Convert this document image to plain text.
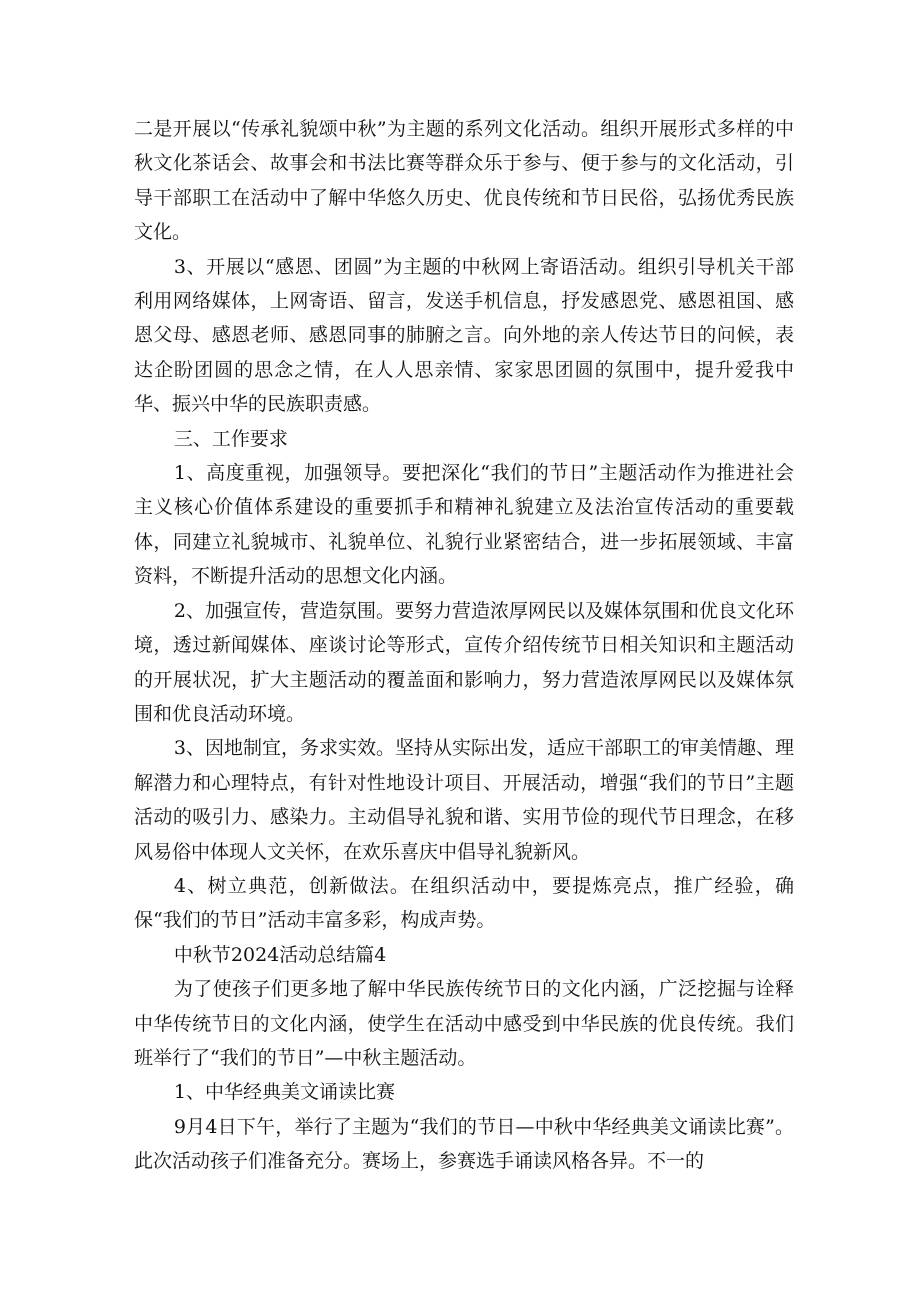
二是开展以“传承礼貌颂中秋”为主题的系列文化活动。组织开展形式多样的中秋文化茶话会、故事会和书法比赛等群众乐于参与、便于参与的文化活动，引导干部职工在活动中了解中华悠久历史、优良传统和节日民俗，弘扬优秀民族文化。

3、开展以“感恩、团圆”为主题的中秋网上寄语活动。组织引导机关干部利用网络媒体，上网寄语、留言，发送手机信息，抒发感恩党、感恩祖国、感恩父母、感恩老师、感恩同事的肺腑之言。向外地的亲人传达节日的问候，表达企盼团圆的思念之情，在人人思亲情、家家思团圆的氛围中，提升爱我中华、振兴中华的民族职责感。

三、工作要求

1、高度重视，加强领导。要把深化“我们的节日”主题活动作为推进社会主义核心价值体系建设的重要抓手和精神礼貌建立及法治宣传活动的重要载体，同建立礼貌城市、礼貌单位、礼貌行业紧密结合，进一步拓展领域、丰富资料，不断提升活动的思想文化内涵。

2、加强宣传，营造氛围。要努力营造浓厚网民以及媒体氛围和优良文化环境，透过新闻媒体、座谈讨论等形式，宣传介绍传统节日相关知识和主题活动的开展状况，扩大主题活动的覆盖面和影响力，努力营造浓厚网民以及媒体氛围和优良活动环境。

3、因地制宜，务求实效。坚持从实际出发，适应干部职工的审美情趣、理解潜力和心理特点，有针对性地设计项目、开展活动，增强“我们的节日”主题活动的吸引力、感染力。主动倡导礼貌和谐、实用节俭的现代节日理念，在移风易俗中体现人文关怀，在欢乐喜庆中倡导礼貌新风。

4、树立典范，创新做法。在组织活动中，要提炼亮点，推广经验，确保“我们的节日”活动丰富多彩，构成声势。

中秋节2024活动总结篇4

为了使孩子们更多地了解中华民族传统节日的文化内涵，广泛挖掘与诠释中华传统节日的文化内涵，使学生在活动中感受到中华民族的优良传统。我们班举行了“我们的节日”—中秋主题活动。

1、中华经典美文诵读比赛

9月4日下午，举行了主题为“我们的节日—中秋中华经典美文诵读比赛”。此次活动孩子们准备充分。赛场上，参赛选手诵读风格各异。不一的
